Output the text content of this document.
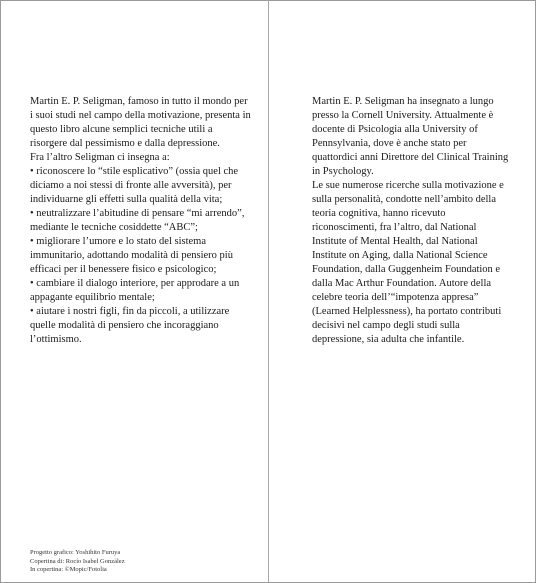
Martin E. P. Seligman, famoso in tutto il mondo per i suoi studi nel campo della motivazione, presenta in questo libro alcune semplici tecniche utili a risorgere dal pessimismo e dalla depressione.

Fra l’altro Seligman ci insegna a:

• riconoscere lo “stile esplicativo” (ossia quel che diciamo a noi stessi di fronte alle avversità), per individuarne gli effetti sulla qualità della vita;
• neutralizzare l’abitudine di pensare “mi arrendo”, mediante le tecniche cosiddette “ABC”;
• migliorare l’umore e lo stato del sistema immunitario, adottando modalità di pensiero più efficaci per il benessere fisico e psicologico;
• cambiare il dialogo interiore, per approdare a un appagante equilibrio mentale;
• aiutare i nostri figli, fin da piccoli, a utilizzare quelle modalità di pensiero che incoraggiano l’ottimismo.

Martin E. P. Seligman ha insegnato a lungo presso la Cornell University. Attualmente è docente di Psicologia alla University of Pennsylvania, dove è anche stato per quattordici anni Direttore del Clinical Training in Psychology.

Le sue numerose ricerche sulla motivazione e sulla personalità, condotte nell’ambito della teoria cognitiva, hanno ricevuto riconoscimenti, fra l’altro, dal National Institute of Mental Health, dal National Institute on Aging, dalla National Science Foundation, dalla Guggenheim Foundation e dalla Mac Arthur Foundation. Autore della celebre teoria dell’“impotenza appresa” (Learned Helplessness), ha portato contributi decisivi nel campo degli studi sulla depressione, sia adulta che infantile.

Progetto grafico: Yoshihito Furuya
Copertina di: Rocío Isabel González
In copertina: ©Mopic/Fotolia
